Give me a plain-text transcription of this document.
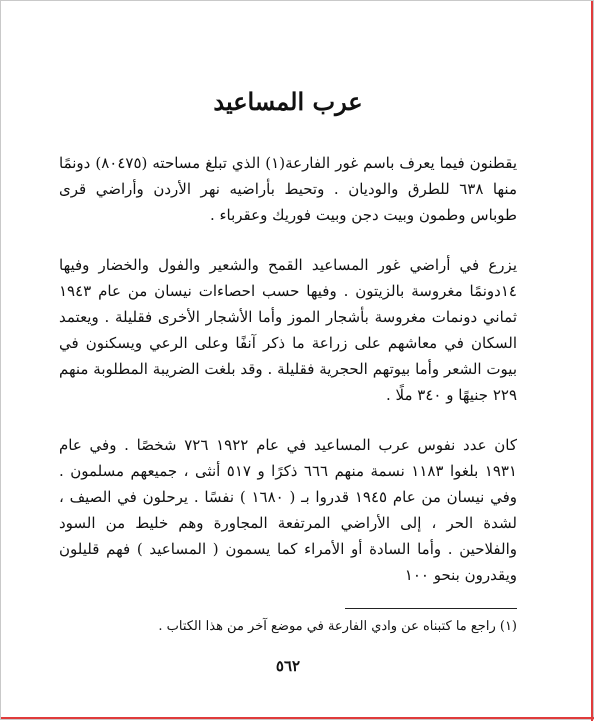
عرب المساعيد

يقطنون فيما يعرف باسم غور الفارعة(١) الذي تبلغ مساحته (٨٠٤٧٥) دونمًا منها ٦٣٨ للطرق والوديان . وتحيط بأراضيه نهر الأردن وأراضي قرى طوباس وطمون وبيت دجن وبيت فوريك وعقرباء .

يزرع في أراضي غور المساعيد القمح والشعير والفول والخضار وفيها ١٤دونمًا مغروسة بالزيتون . وفيها حسب احصاءات نيسان من عام ١٩٤٣ ثماني دونمات مغروسة بأشجار الموز وأما الأشجار الأخرى فقليلة . ويعتمد السكان في معاشهم على زراعة ما ذكر آنفًا وعلى الرعي ويسكنون في بيوت الشعر وأما بيوتهم الحجرية فقليلة . وقد بلغت الضريبة المطلوبة منهم ٢٢٩ جنيهًا و ٣٤٠ ملًا .

كان عدد نفوس عرب المساعيد في عام ١٩٢٢ ٧٢٦ شخصًا . وفي عام ١٩٣١ بلغوا ١١٨٣ نسمة منهم ٦٦٦ ذكرًا و ٥١٧ أنثى ، جميعهم مسلمون . وفي نيسان من عام ١٩٤٥ قدروا بـ ( ١٦٨٠ ) نفسًا . يرحلون في الصيف ، لشدة الحر ، إلى الأراضي المرتفعة المجاورة وهم خليط من السود والفلاحين . وأما السادة أو الأمراء كما يسمون ( المساعيد ) فهم قليلون ويقدرون بنحو ١٠٠

(١) راجع ما كتبناه عن وادي الفارعة في موضع آخر من هذا الكتاب .

٥٦٢
